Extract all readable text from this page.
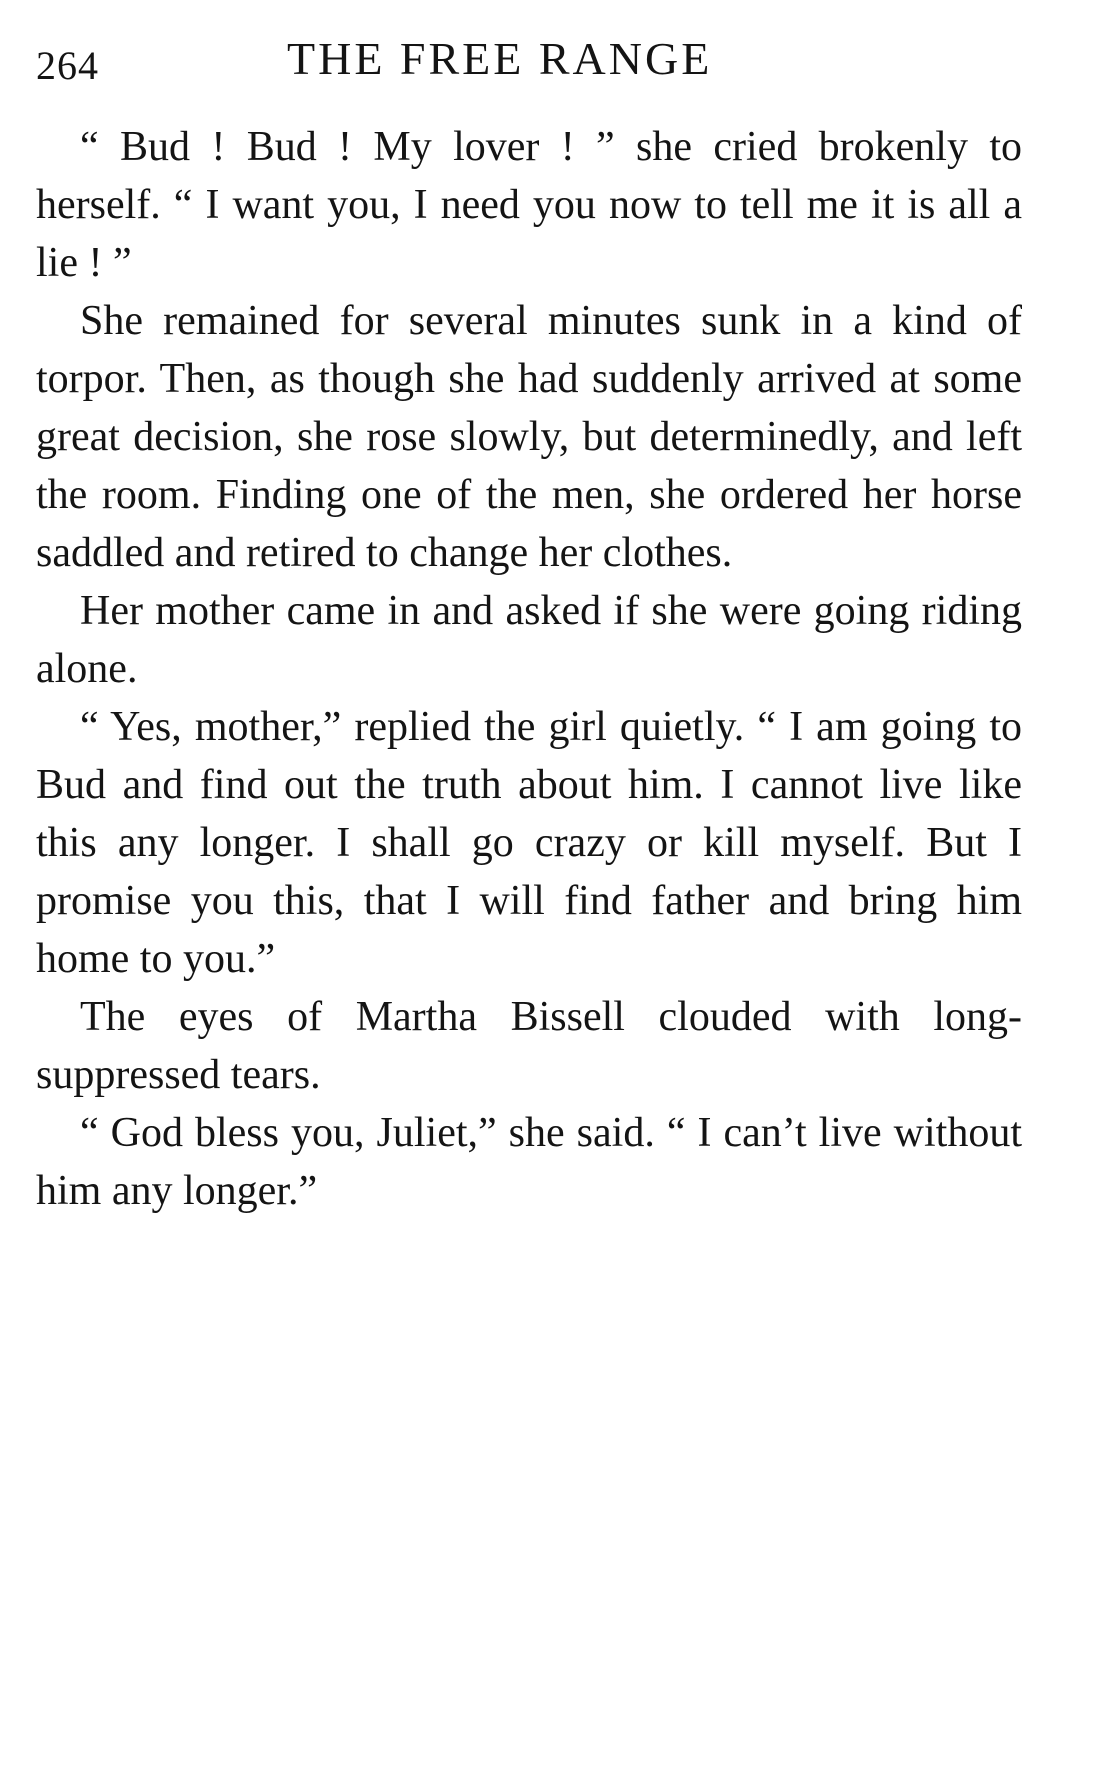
264	THE FREE RANGE

“ Bud ! Bud ! My lover ! ” she cried brokenly to herself. “ I want you, I need you now to tell me it is all a lie ! ”

She remained for several minutes sunk in a kind of torpor. Then, as though she had suddenly arrived at some great decision, she rose slowly, but determinedly, and left the room. Finding one of the men, she ordered her horse saddled and retired to change her clothes.

Her mother came in and asked if she were going riding alone.

“ Yes, mother,” replied the girl quietly. “ I am going to Bud and find out the truth about him. I cannot live like this any longer. I shall go crazy or kill myself. But I promise you this, that I will find father and bring him home to you.”

The eyes of Martha Bissell clouded with long-suppressed tears.

“ God bless you, Juliet,” she said. “ I can’t live without him any longer.”
